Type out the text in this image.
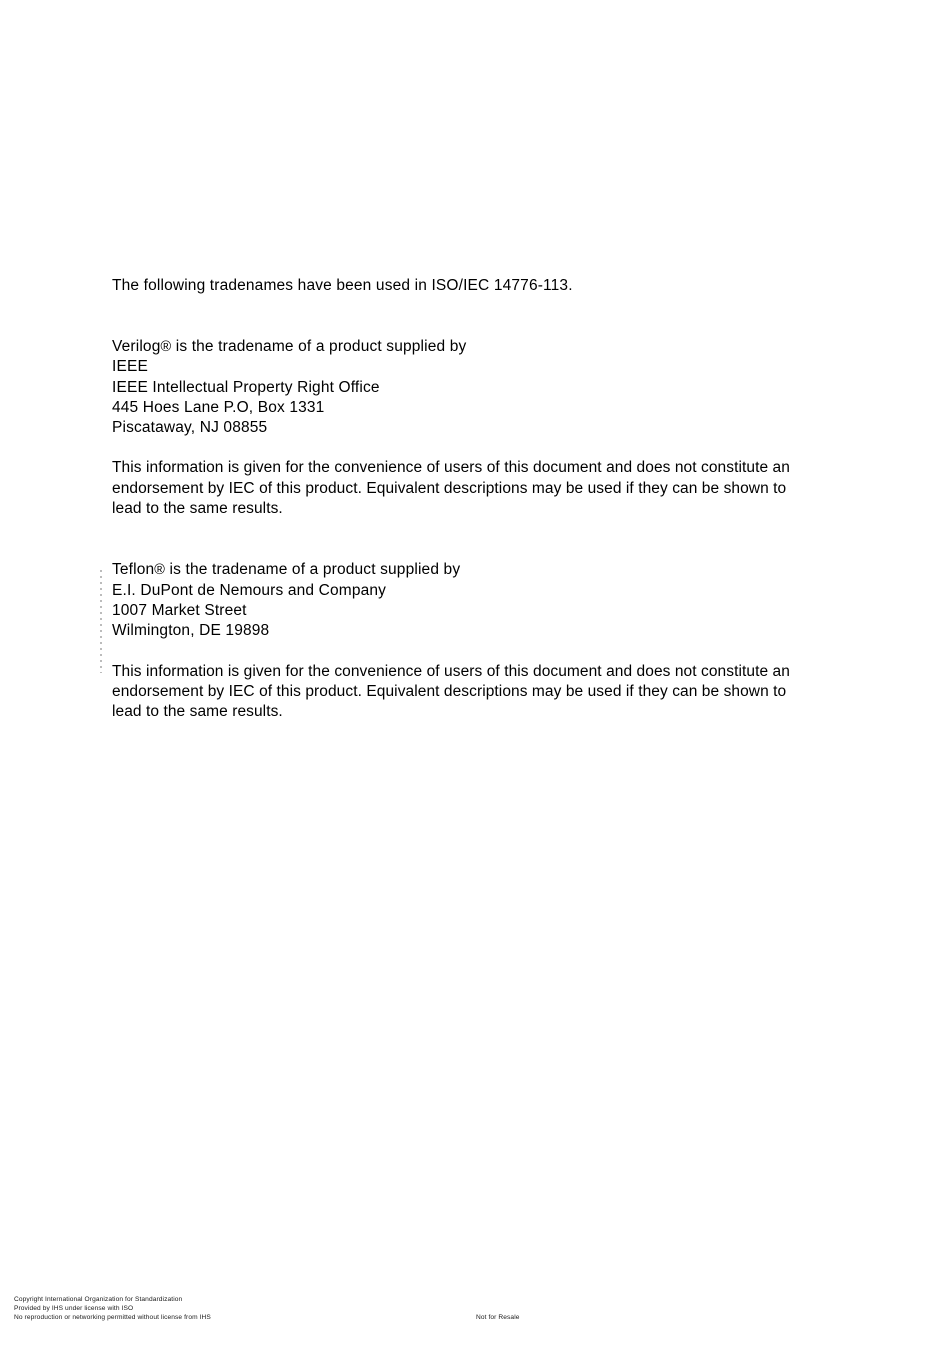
The following tradenames have been used in ISO/IEC 14776-113.
Verilog® is the tradename of a product supplied by
IEEE
IEEE Intellectual Property Right Office
445 Hoes Lane P.O, Box 1331
Piscataway, NJ 08855
This information is given for the convenience of users of this document and does not constitute an endorsement by IEC of this product. Equivalent descriptions may be used if they can be shown to lead to the same results.
Teflon® is the tradename of a product supplied by
E.I. DuPont de Nemours and Company
1007 Market Street
Wilmington, DE 19898
This information is given for the convenience of users of this document and does not constitute an endorsement by IEC of this product. Equivalent descriptions may be used if they can be shown to lead to the same results.
Copyright International Organization for Standardization
Provided by IHS under license with ISO
No reproduction or networking permitted without license from IHS	Not for Resale
